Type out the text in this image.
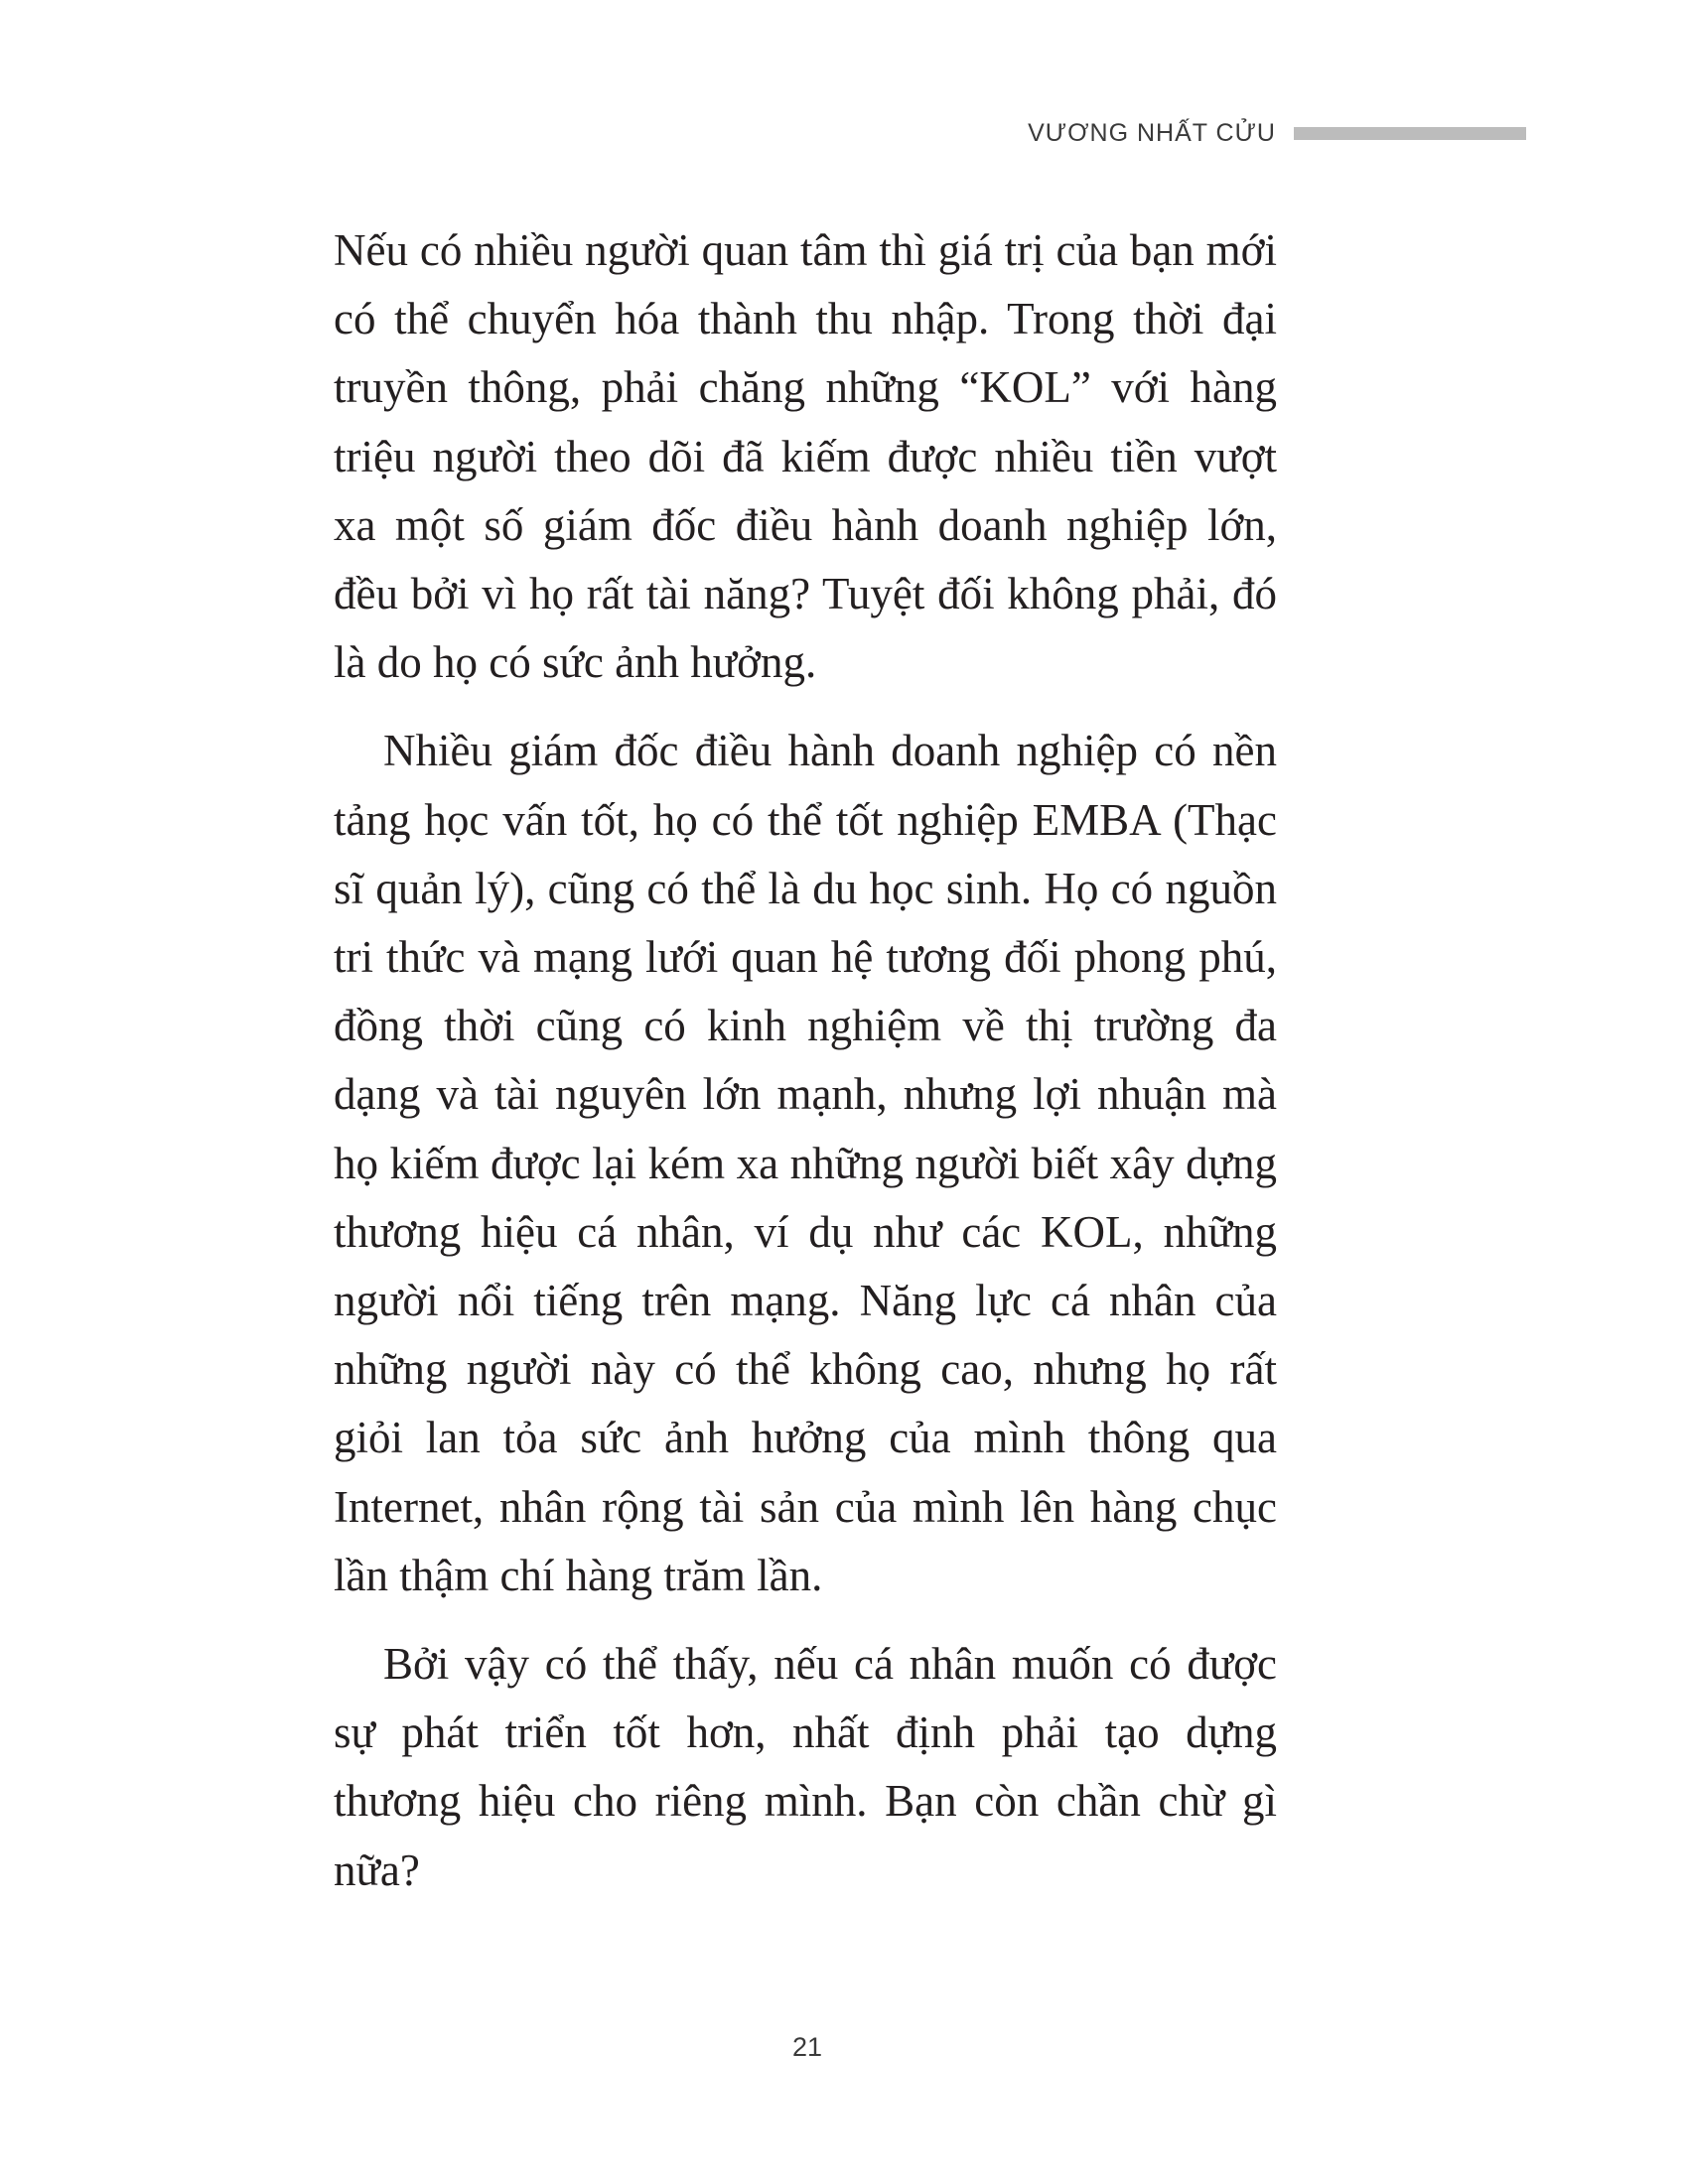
VƯƠNG NHẤT CỬU

Nếu có nhiều người quan tâm thì giá trị của bạn mới có thể chuyển hóa thành thu nhập. Trong thời đại truyền thông, phải chăng những “KOL” với hàng triệu người theo dõi đã kiếm được nhiều tiền vượt xa một số giám đốc điều hành doanh nghiệp lớn, đều bởi vì họ rất tài năng? Tuyệt đối không phải, đó là do họ có sức ảnh hưởng.

Nhiều giám đốc điều hành doanh nghiệp có nền tảng học vấn tốt, họ có thể tốt nghiệp EMBA (Thạc sĩ quản lý), cũng có thể là du học sinh. Họ có nguồn tri thức và mạng lưới quan hệ tương đối phong phú, đồng thời cũng có kinh nghiệm về thị trường đa dạng và tài nguyên lớn mạnh, nhưng lợi nhuận mà họ kiếm được lại kém xa những người biết xây dựng thương hiệu cá nhân, ví dụ như các KOL, những người nổi tiếng trên mạng. Năng lực cá nhân của những người này có thể không cao, nhưng họ rất giỏi lan tỏa sức ảnh hưởng của mình thông qua Internet, nhân rộng tài sản của mình lên hàng chục lần thậm chí hàng trăm lần.

Bởi vậy có thể thấy, nếu cá nhân muốn có được sự phát triển tốt hơn, nhất định phải tạo dựng thương hiệu cho riêng mình. Bạn còn chần chừ gì nữa?

21
